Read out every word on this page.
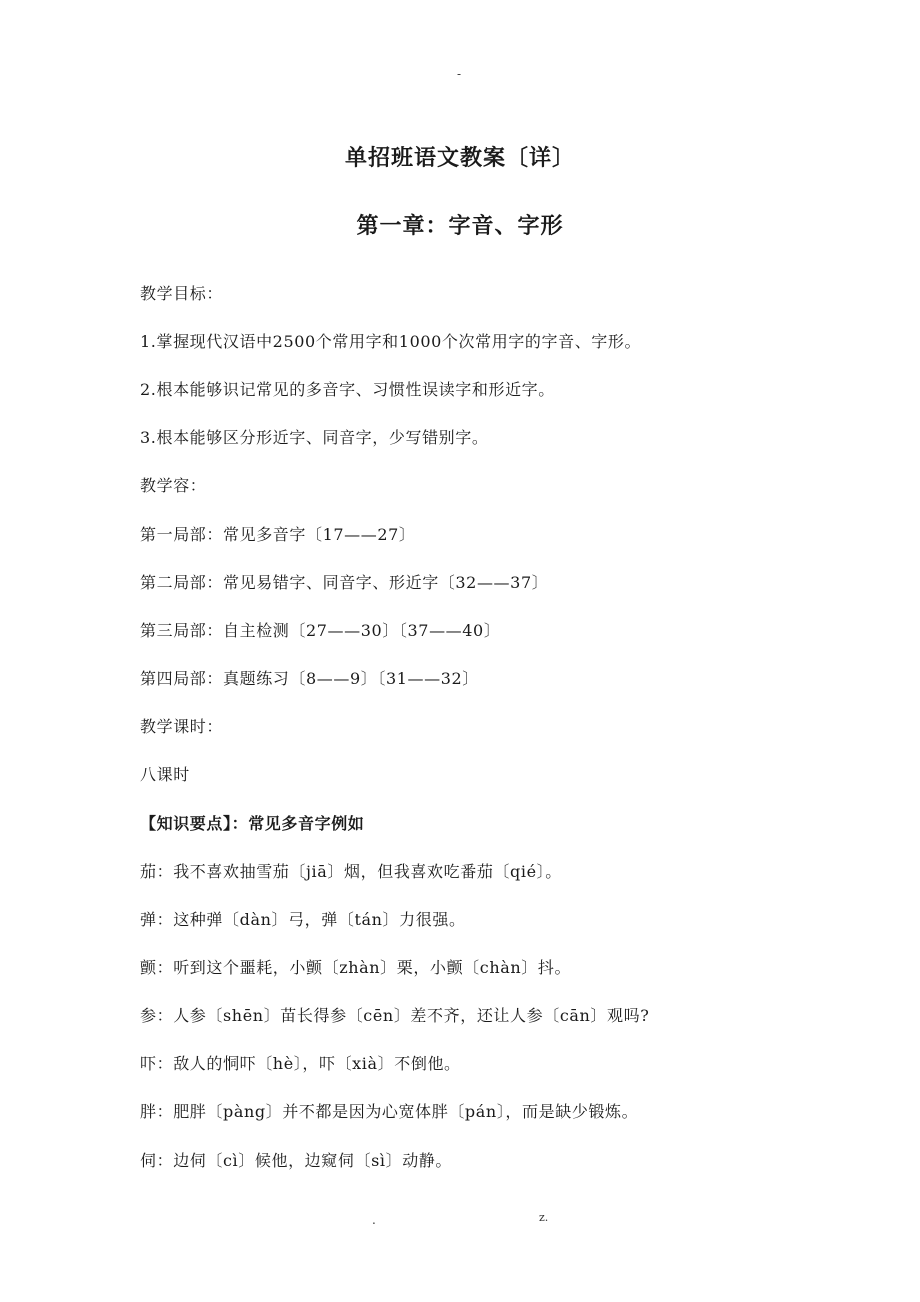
-
单招班语文教案〔详〕
第一章：字音、字形
教学目标：
1.掌握现代汉语中2500个常用字和1000个次常用字的字音、字形。
2.根本能够识记常见的多音字、习惯性误读字和形近字。
3.根本能够区分形近字、同音字，少写错别字。
教学容：
第一局部：常见多音字〔17——27〕
第二局部：常见易错字、同音字、形近字〔32——37〕
第三局部：自主检测〔27——30〕〔37——40〕
第四局部：真题练习〔8——9〕〔31——32〕
教学课时：
八课时
【知识要点】：常见多音字例如
茄：我不喜欢抽雪茄〔jiā〕烟，但我喜欢吃番茄〔qié〕。
弹：这种弹〔dàn〕弓，弹〔tán〕力很强。
颤：听到这个噩耗，小颤〔zhàn〕栗，小颤〔chàn〕抖。
参：人参〔shēn〕苗长得参〔cēn〕差不齐，还让人参〔cān〕观吗?
吓：敌人的恫吓〔hè〕，吓〔xià〕不倒他。
胖：肥胖〔pàng〕并不都是因为心宽体胖〔pán〕，而是缺少锻炼。
伺：边伺〔cì〕候他，边窥伺〔sì〕动静。
.	z.
